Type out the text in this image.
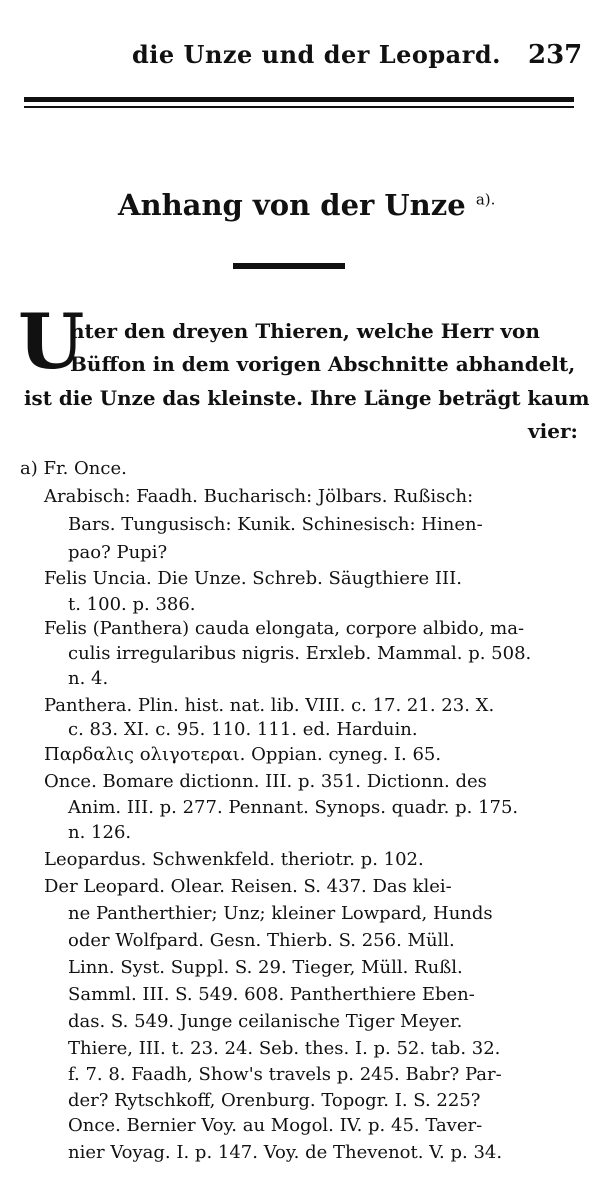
die Unze und der Leopard. 237
Anhang von der Unze $^{a).}$
U
nter den dreyen Thieren, welche Herr von
Büffon in dem vorigen Abschnitte abhandelt,
ist die Unze das kleinste. Ihre Länge beträgt kaum
vier:
a) Fr. Once.
Arabisch: Faadh. Bucharisch: Jölbars. Rußisch:
Bars. Tungusisch: Kunik. Schinesisch: Hinen-
pao? Pupi?
Felis Uncia. Die Unze. Schreb. Säugthiere III.
t. 100. p. 386.
Felis (Panthera) cauda elongata, corpore albido, ma-
culis irregularibus nigris. Erxleb. Mammal. p. 508.
n. 4.
Panthera. Plin. hist. nat. lib. VIII. c. 17. 21. 23. X.
c. 83. XI. c. 95. 110. 111. ed. Harduin.
Παρδαλις ολιγοτεραι. Oppian. cyneg. I. 65.
Once. Bomare dictionn. III. p. 351. Dictionn. des
Anim. III. p. 277. Pennant. Synops. quadr. p. 175.
n. 126.
Leopardus. Schwenkfeld. theriotr. p. 102.
Der Leopard. Olear. Reisen. S. 437. Das klei-
ne Pantherthier; Unz; kleiner Lowpard, Hunds
oder Wolfpard. Gesn. Thierb. S. 256. Müll.
Linn. Syst. Suppl. S. 29. Tieger, Müll. Rußl.
Samml. III. S. 549. 608. Pantherthiere Eben-
das. S. 549. Junge ceilanische Tiger Meyer.
Thiere, III. t. 23. 24. Seb. thes. I. p. 52. tab. 32.
f. 7. 8. Faadh, Show's travels p. 245. Babr? Par-
der? Rytschkoff, Orenburg. Topogr. I. S. 225?
Once. Bernier Voy. au Mogol. IV. p. 45. Taver-
nier Voyag. I. p. 147. Voy. de Thevenot. V. p. 34.
